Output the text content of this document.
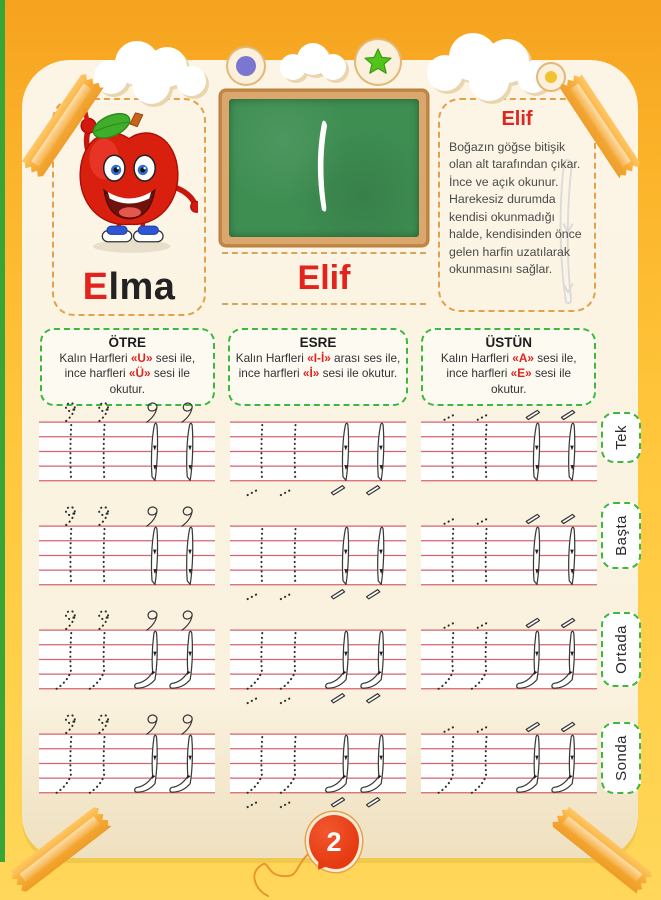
Elma	Elif
Elif
Boğazın göğse bitişik olan alt tarafından çıkar. İnce ve açık okunur. Harekesiz durumda kendisi okunmadığı halde, kendisinden önce gelen harfin uzatılarak okunmasını sağlar.
ÖTRE
Kalın Harfleri «U» sesi ile, ince harfleri «Ü» sesi ile okutur.
ESRE
Kalın Harfleri «I-İ» arası ses ile, ince harfleri «İ» sesi ile okutur.
ÜSTÜN
Kalın Harfleri «A» sesi ile, ince harfleri «E» sesi ile okutur.
Tek
Başta
Ortada
Sonda
2
